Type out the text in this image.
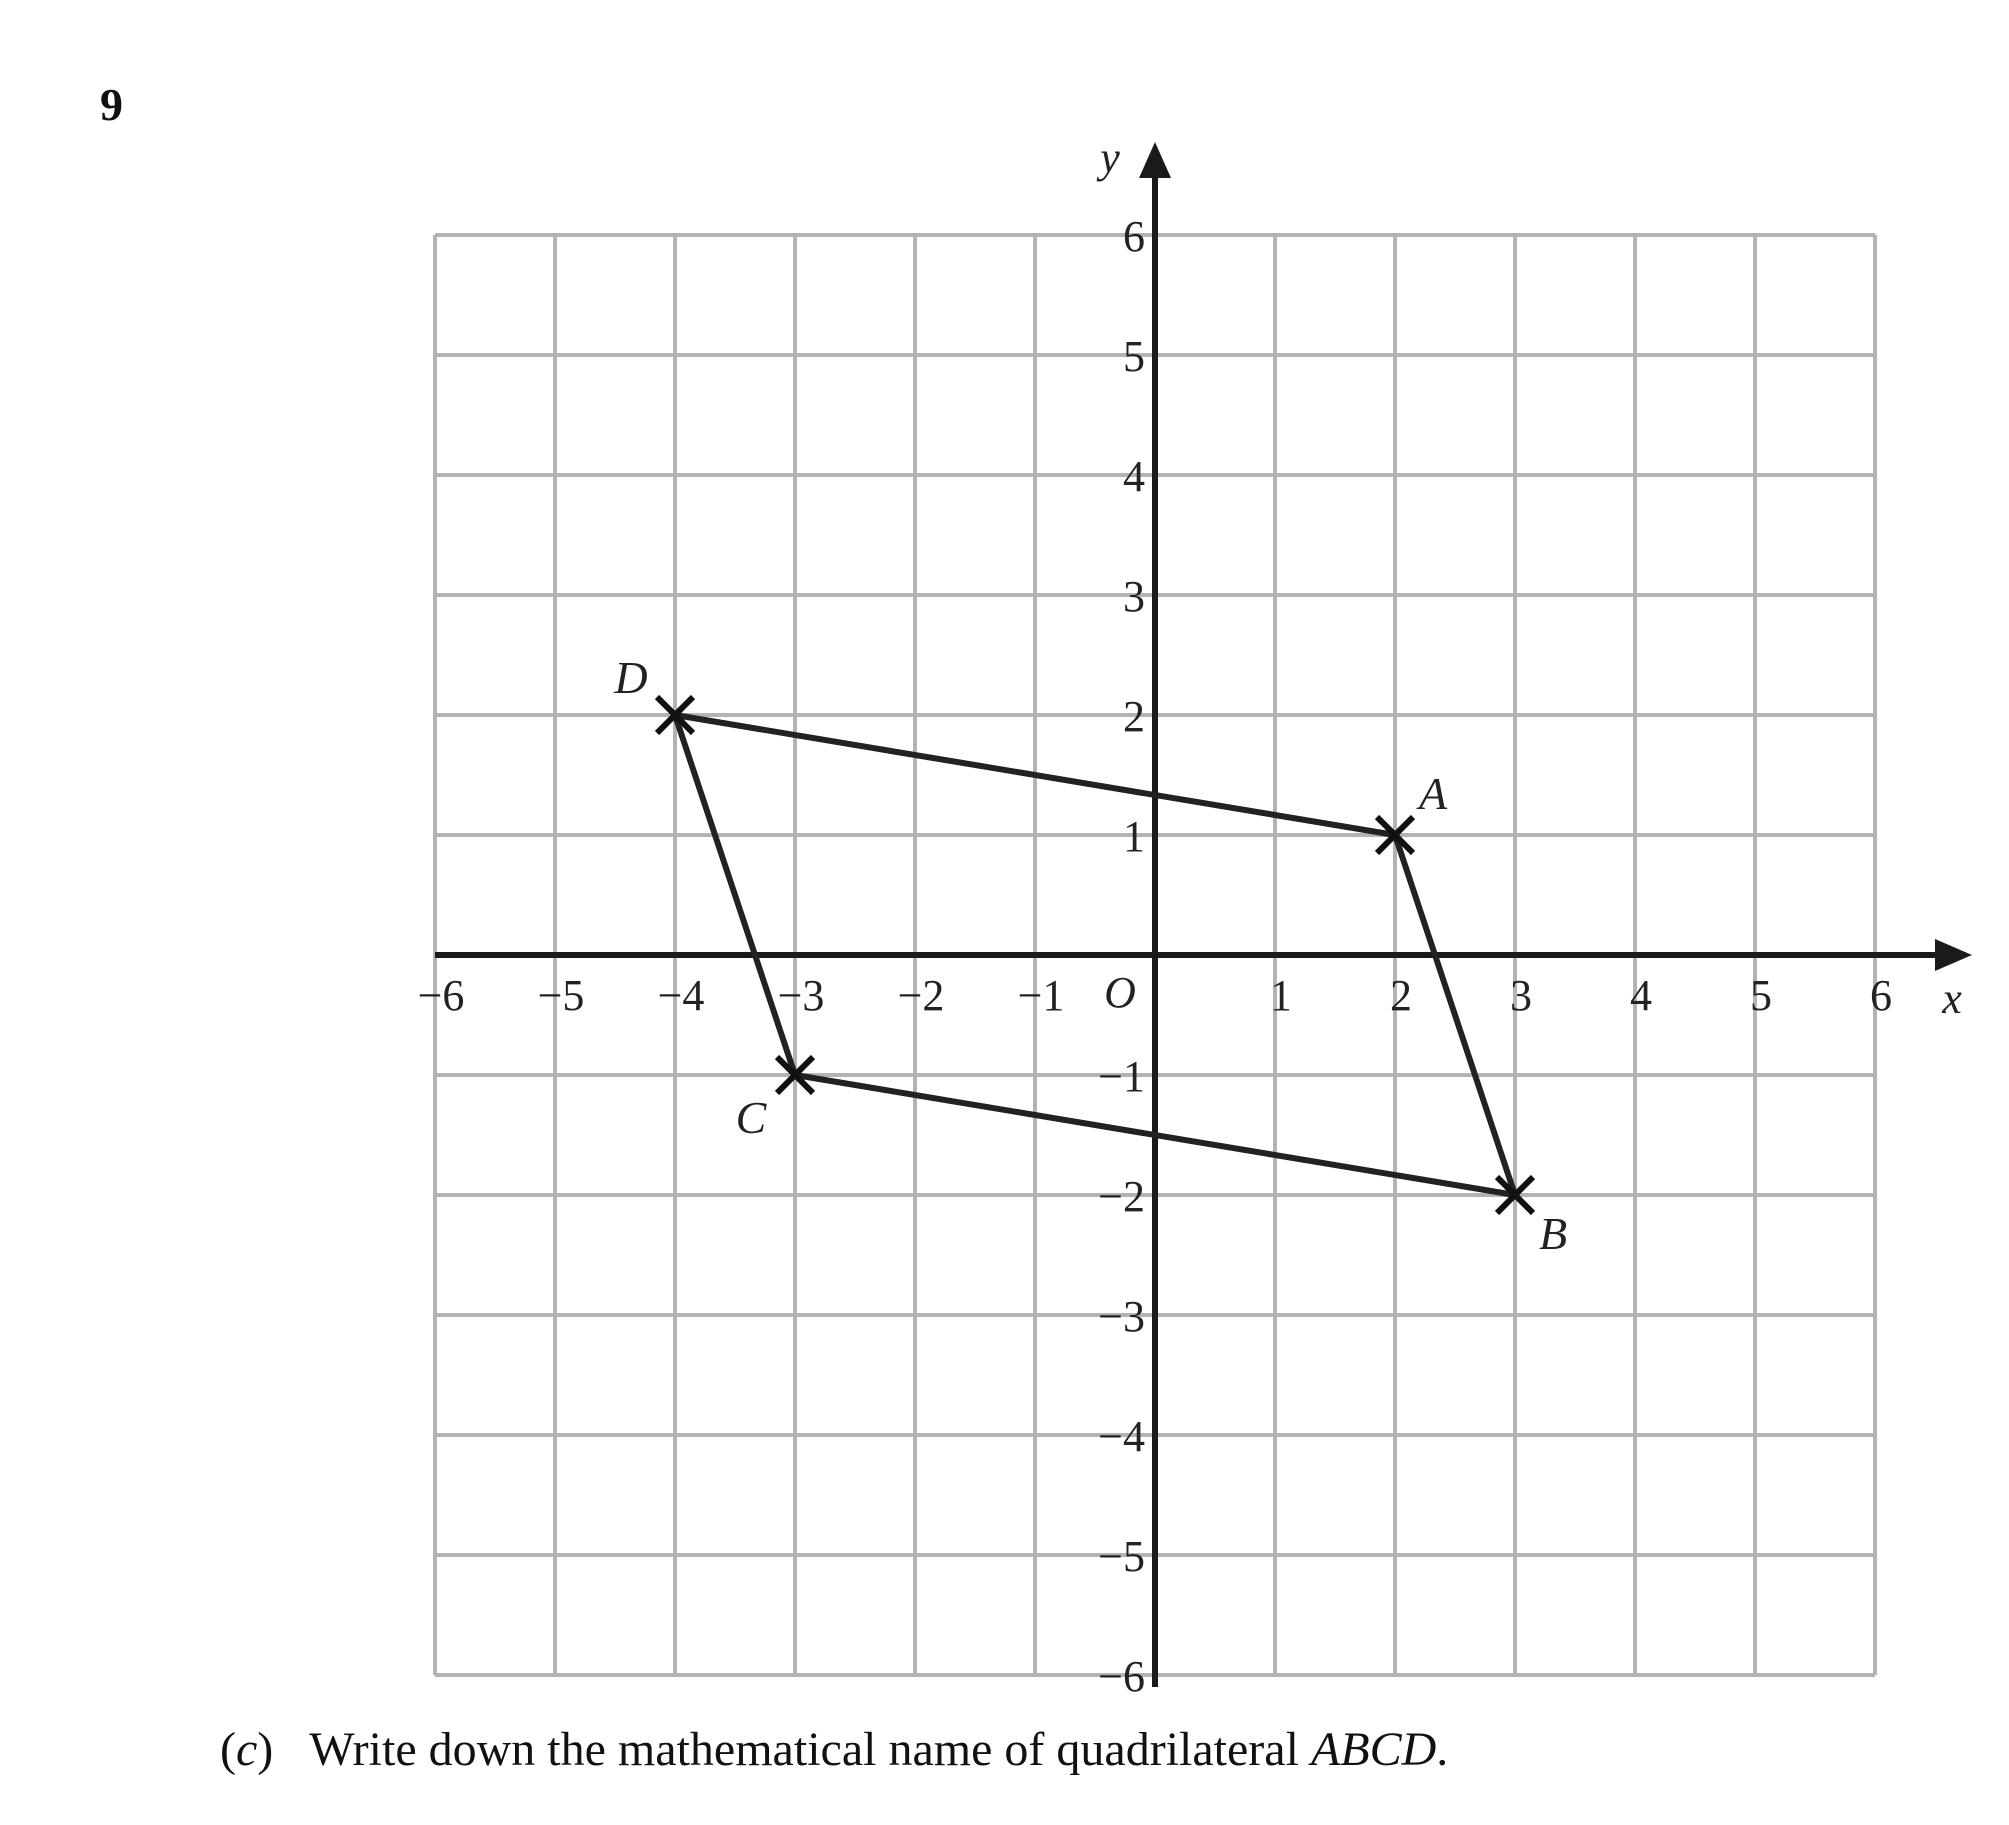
9
−6 −5 −4 −3 −2 −1	1 2 3 4 5 6
6
5
4
3
2
1
−1
−2
−3
−4
−5
−6
O	x
y
A
B
C
D
(c) Write down the mathematical name of quadrilateral ABCD.
